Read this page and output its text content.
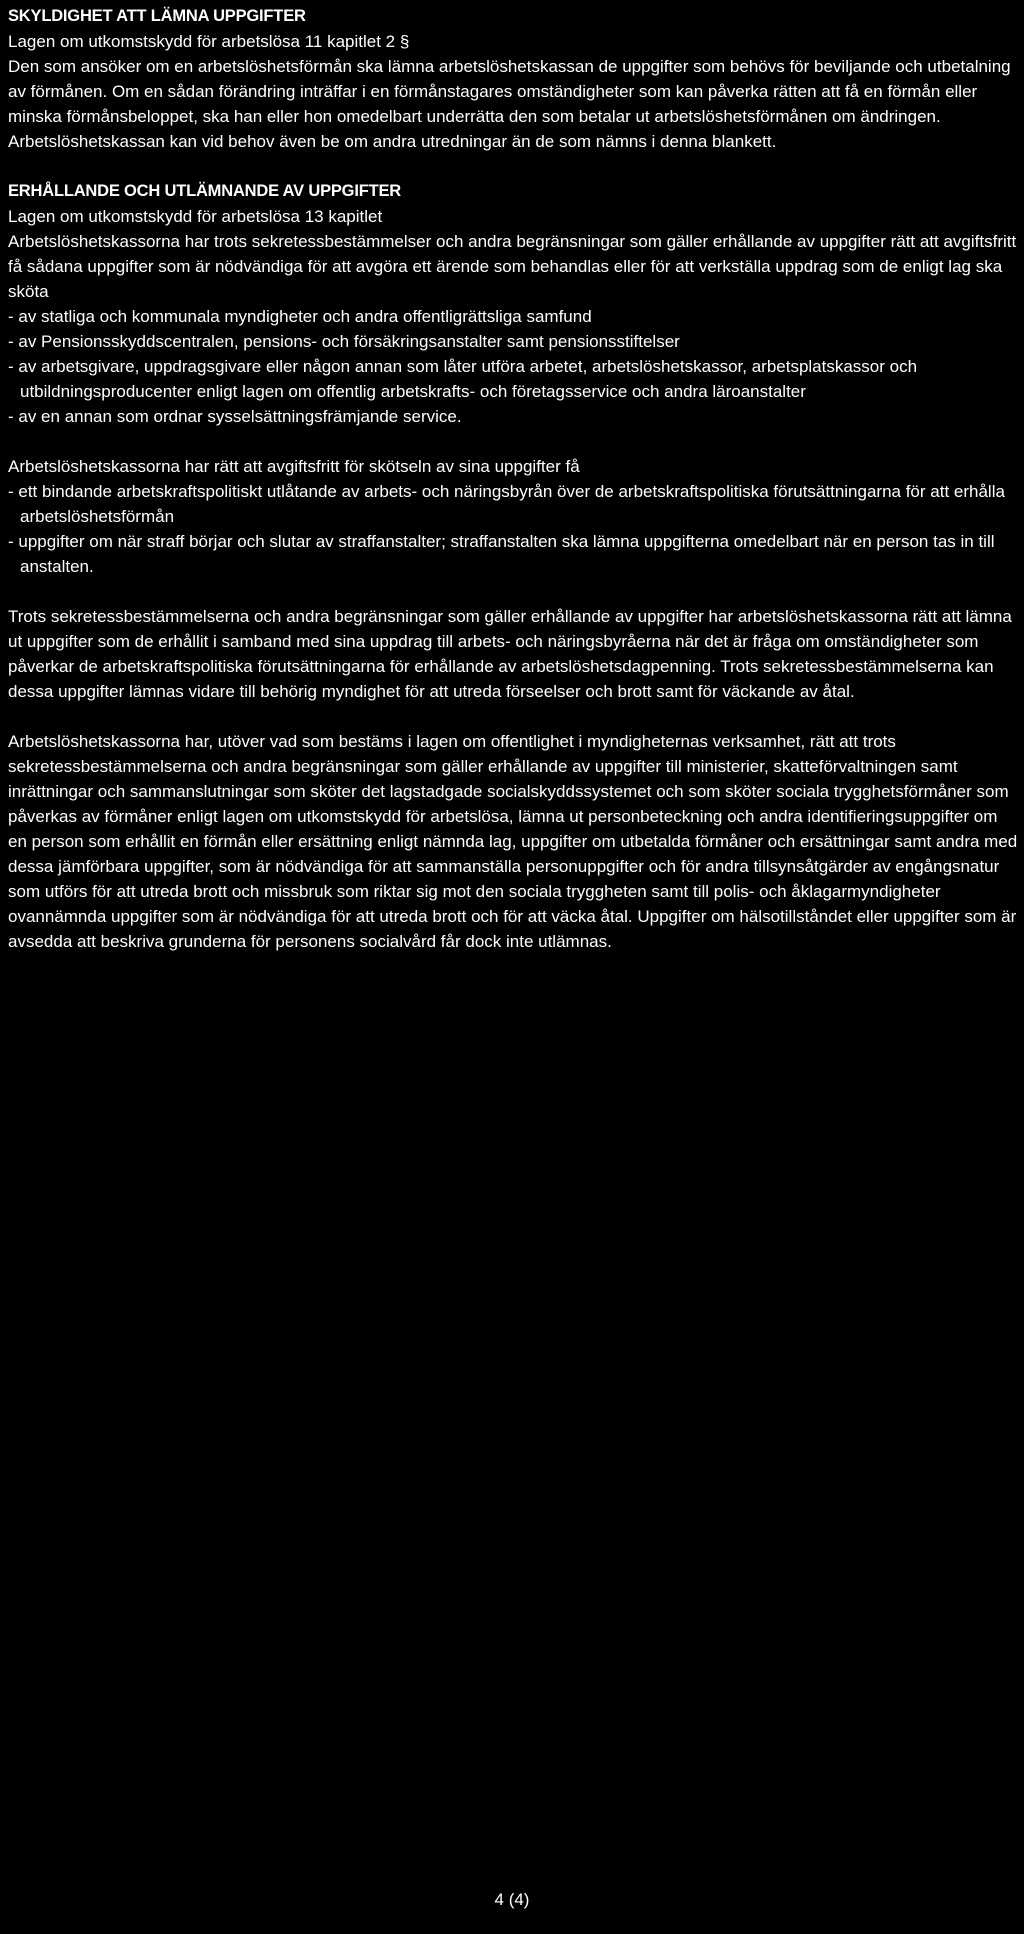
SKYLDIGHET ATT LÄMNA UPPGIFTER
Lagen om utkomstskydd för arbetslösa 11 kapitlet 2 §

Den som ansöker om en arbetslöshetsförmån ska lämna arbetslöshetskassan de uppgifter som behövs för beviljande och utbetalning av förmånen. Om en sådan förändring inträffar i en förmånstagares omständigheter som kan påverka rätten att få en förmån eller minska förmånsbeloppet, ska han eller hon omedelbart underrätta den som betalar ut arbetslöshetsförmånen om ändringen. Arbetslöshetskassan kan vid behov även be om andra utredningar än de som nämns i denna blankett.

ERHÅLLANDE OCH UTLÄMNANDE AV UPPGIFTER
Lagen om utkomstskydd för arbetslösa 13 kapitlet

Arbetslöshetskassorna har trots sekretessbestämmelser och andra begränsningar som gäller erhållande av uppgifter rätt att avgiftsfritt få sådana uppgifter som är nödvändiga för att avgöra ett ärende som behandlas eller för att verkställa uppdrag som de enligt lag ska sköta

- av statliga och kommunala myndigheter och andra offentligrättsliga samfund
- av Pensionsskyddscentralen, pensions- och försäkringsanstalter samt pensionsstiftelser
- av arbetsgivare, uppdragsgivare eller någon annan som låter utföra arbetet, arbetslöshetskassor, arbetsplatskassor och utbildningsproducenter enligt lagen om offentlig arbetskrafts- och företagsservice och andra läroanstalter
- av en annan som ordnar sysselsättningsfrämjande service.

Arbetslöshetskassorna har rätt att avgiftsfritt för skötseln av sina uppgifter få

- ett bindande arbetskraftspolitiskt utlåtande av arbets- och näringsbyrån över de arbetskraftspolitiska förutsättningarna för att erhålla arbetslöshetsförmån
- uppgifter om när straff börjar och slutar av straffanstalter; straffanstalten ska lämna uppgifterna omedelbart när en person tas in till anstalten.

Trots sekretessbestämmelserna och andra begränsningar som gäller erhållande av uppgifter har arbetslöshetskassorna rätt att lämna ut uppgifter som de erhållit i samband med sina uppdrag till arbets- och näringsbyråerna när det är fråga om omständigheter som påverkar de arbetskraftspolitiska förutsättningarna för erhållande av arbetslöshetsdagpenning. Trots sekretessbestämmelserna kan dessa uppgifter lämnas vidare till behörig myndighet för att utreda förseelser och brott samt för väckande av åtal.

Arbetslöshetskassorna har, utöver vad som bestäms i lagen om offentlighet i myndigheternas verksamhet, rätt att trots sekretessbestämmelserna och andra begränsningar som gäller erhållande av uppgifter till ministerier, skatteförvaltningen samt inrättningar och sammanslutningar som sköter det lagstadgade socialskyddssystemet och som sköter sociala trygghetsförmåner som påverkas av förmåner enligt lagen om utkomstskydd för arbetslösa, lämna ut personbeteckning och andra identifieringsuppgifter om en person som erhållit en förmån eller ersättning enligt nämnda lag, uppgifter om utbetalda förmåner och ersättningar samt andra med dessa jämförbara uppgifter, som är nödvändiga för att sammanställa personuppgifter och för andra tillsynsåtgärder av engångsnatur som utförs för att utreda brott och missbruk som riktar sig mot den sociala tryggheten samt till polis- och åklagarmyndigheter ovannämnda uppgifter som är nödvändiga för att utreda brott och för att väcka åtal. Uppgifter om hälsotillståndet eller uppgifter som är avsedda att beskriva grunderna för personens socialvård får dock inte utlämnas.

4 (4)
